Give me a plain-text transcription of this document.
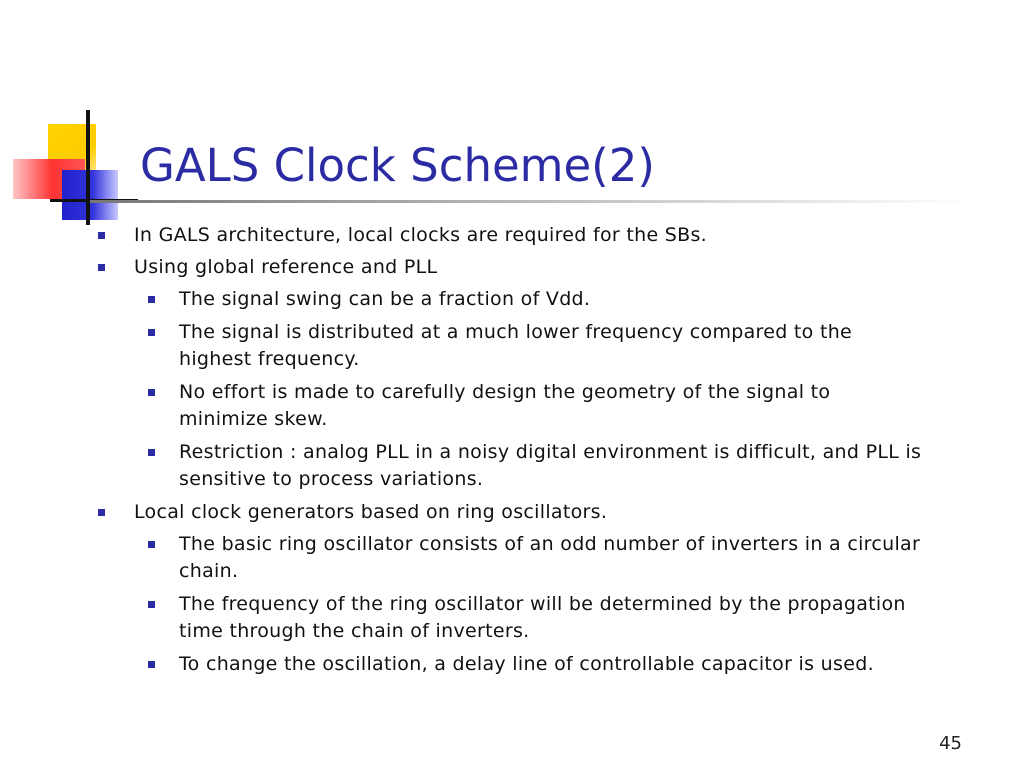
GALS Clock Scheme(2)
In GALS architecture, local clocks are required for the SBs.
Using global reference and PLL
The signal swing can be a fraction of Vdd.
The signal is distributed at a much lower frequency compared to the highest frequency.
No effort is made to carefully design the geometry of the signal to minimize skew.
Restriction : analog PLL in a noisy digital environment is difficult, and PLL is sensitive to process variations.
Local clock generators based on ring oscillators.
The basic ring oscillator consists of an odd number of inverters in a circular chain.
The frequency of the ring oscillator will be determined by the propagation time through the chain of inverters.
To change the oscillation, a delay line of controllable capacitor is used.
45
